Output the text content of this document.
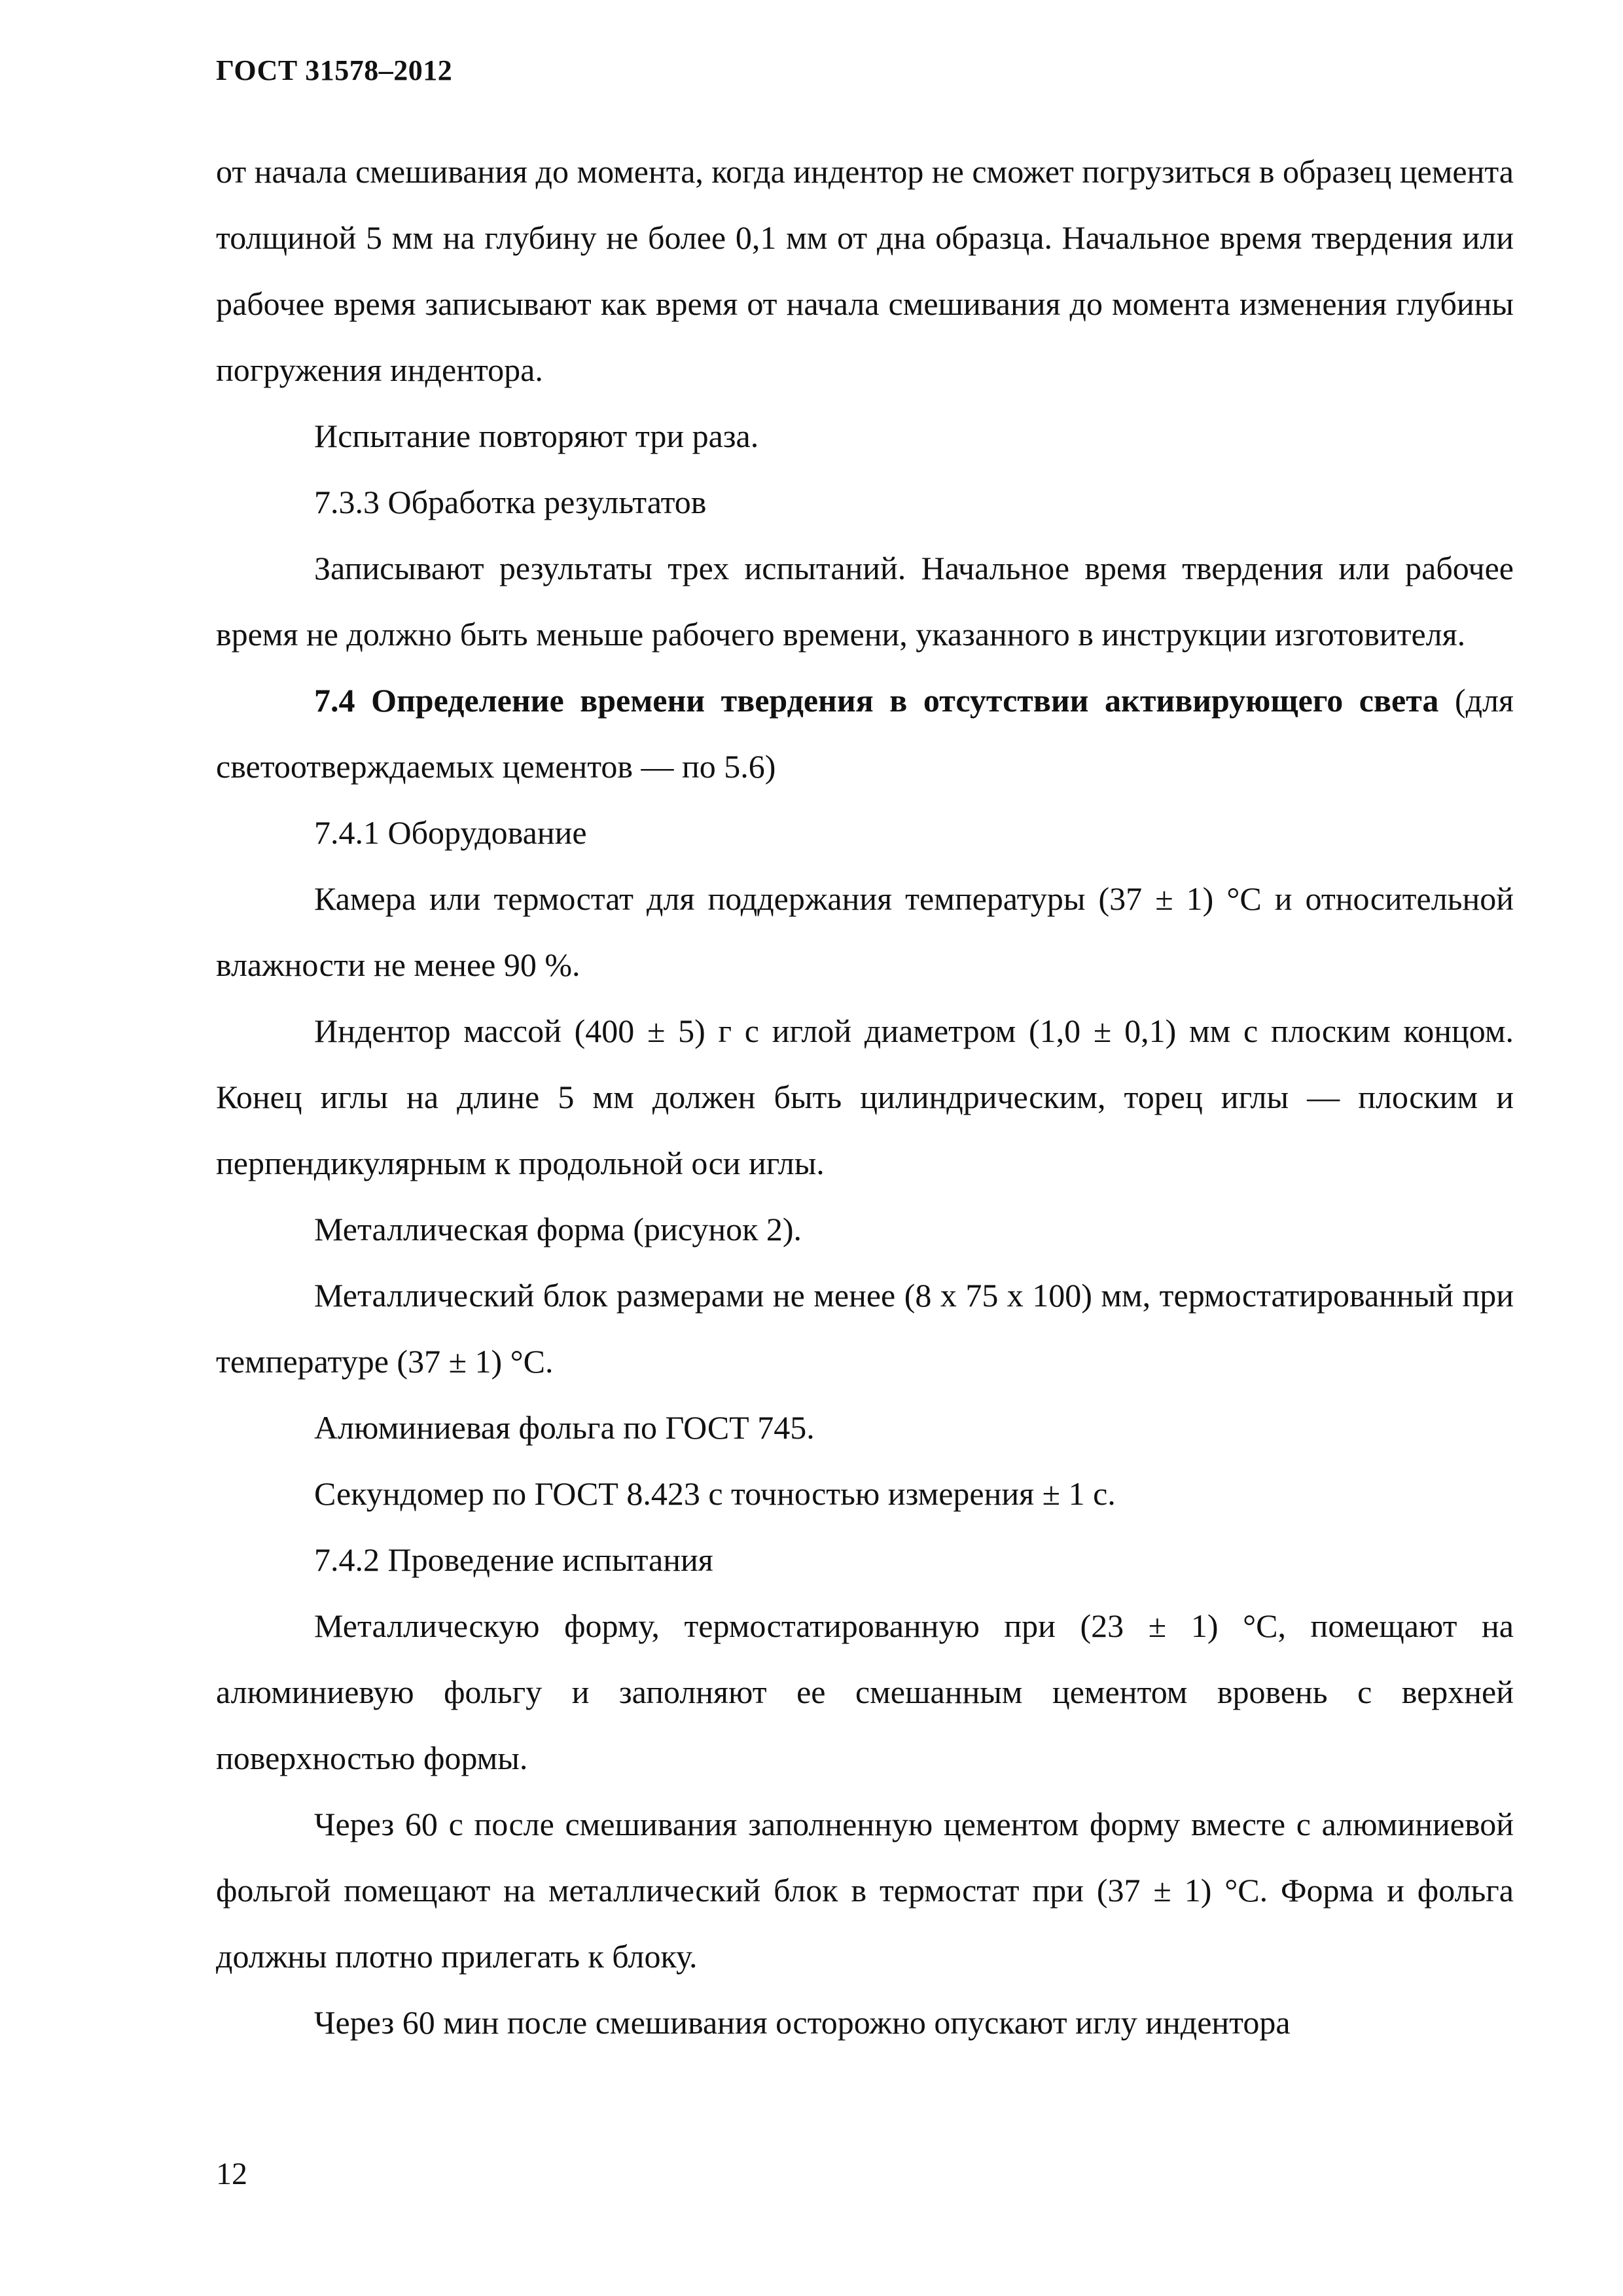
ГОСТ 31578–2012

от начала смешивания до момента, когда индентор не сможет погрузиться в образец цемента толщиной 5 мм на глубину не более 0,1 мм от дна образца. Начальное время твердения или рабочее время записывают как время от начала смешивания до момента изменения глубины погружения индентора.

Испытание повторяют три раза.

7.3.3 Обработка результатов

Записывают результаты трех испытаний. Начальное время твердения или рабочее время не должно быть меньше рабочего времени, указанного в инструкции изготовителя.

7.4 Определение времени твердения в отсутствии активирующего света (для светоотверждаемых цементов — по 5.6)

7.4.1 Оборудование

Камера или термостат для поддержания температуры (37 ± 1) °С и относительной влажности не менее 90 %.

Индентор массой (400 ± 5) г с иглой диаметром (1,0 ± 0,1) мм с плоским концом. Конец иглы на длине 5 мм должен быть цилиндрическим, торец иглы — плоским и перпендикулярным к продольной оси иглы.

Металлическая форма (рисунок 2).

Металлический блок размерами не менее (8 х 75 х 100) мм, термостатированный при температуре (37 ± 1) °С.

Алюминиевая фольга по ГОСТ 745.

Секундомер по ГОСТ 8.423 с точностью измерения ± 1 с.

7.4.2 Проведение испытания

Металлическую форму, термостатированную при (23 ± 1) °С, помещают на алюминиевую фольгу и заполняют ее смешанным цементом вровень с верхней поверхностью формы.

Через 60 с после смешивания заполненную цементом форму вместе с алюминиевой фольгой помещают на металлический блок в термостат при (37 ± 1) °С. Форма и фольга должны плотно прилегать к блоку.

Через 60 мин после смешивания осторожно опускают иглу индентора

12
